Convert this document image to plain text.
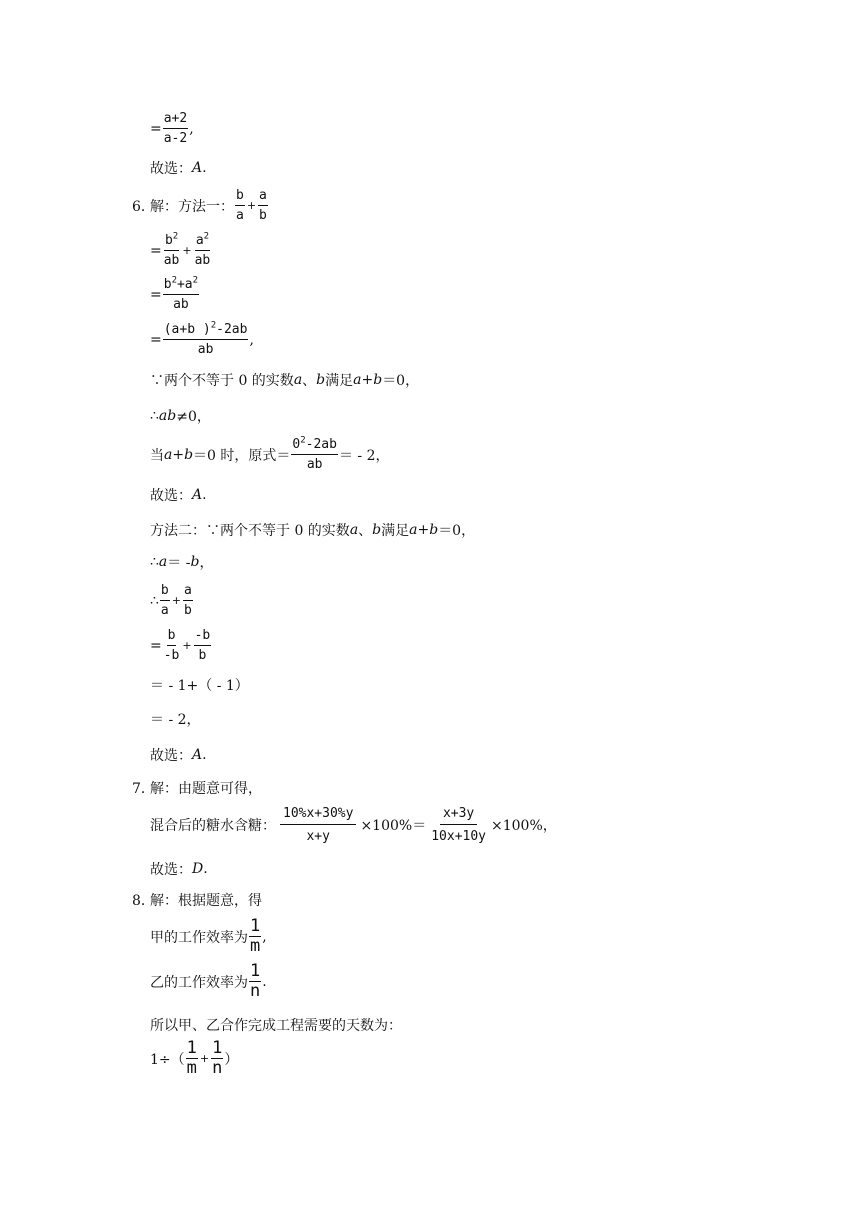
= $\frac{a+2}{a-2}$ ,
故选： A .
6．
解：方法一： $\frac{b}{a} + \frac{a}{b}$
= $\frac{b^2}{ab} + \frac{a^2}{ab}$
= $\frac{b^2+a^2}{ab}$
= $\frac{(a+b )^2-2ab}{ab}$ ,
∵两个不等于 0 的实数 a 、 b 满足 a+b ＝0，
∴ ab ≠0，
当 a+b ＝0 时，原式＝ $\frac{0^2-2ab}{ab}$ ＝ - 2，
故选： A .
方法二：∵两个不等于 0 的实数 a 、 b 满足 a+b ＝0，
∴ a ＝ - b ，
∴ $\frac{b}{a} + \frac{a}{b}$
= $\frac{b}{-b} + \frac{-b}{b}$
＝ - 1+（ - 1）
＝ - 2，
故选： A .
7．
解：由题意可得，
混合后的糖水含糖： $\frac{10\%x+30\%y}{x+y} \times 100\%= \frac{x+3y}{10x+10y} \times 100\%$，
故选： D .
8．
解：根据题意，得
甲的工作效率为 $\frac{1}{m}$ ,
乙的工作效率为 $\frac{1}{n}$ .
所以甲、乙合作完成工程需要的天数为：
$1\div( \frac{1}{m} + \frac{1}{n}$ ）
